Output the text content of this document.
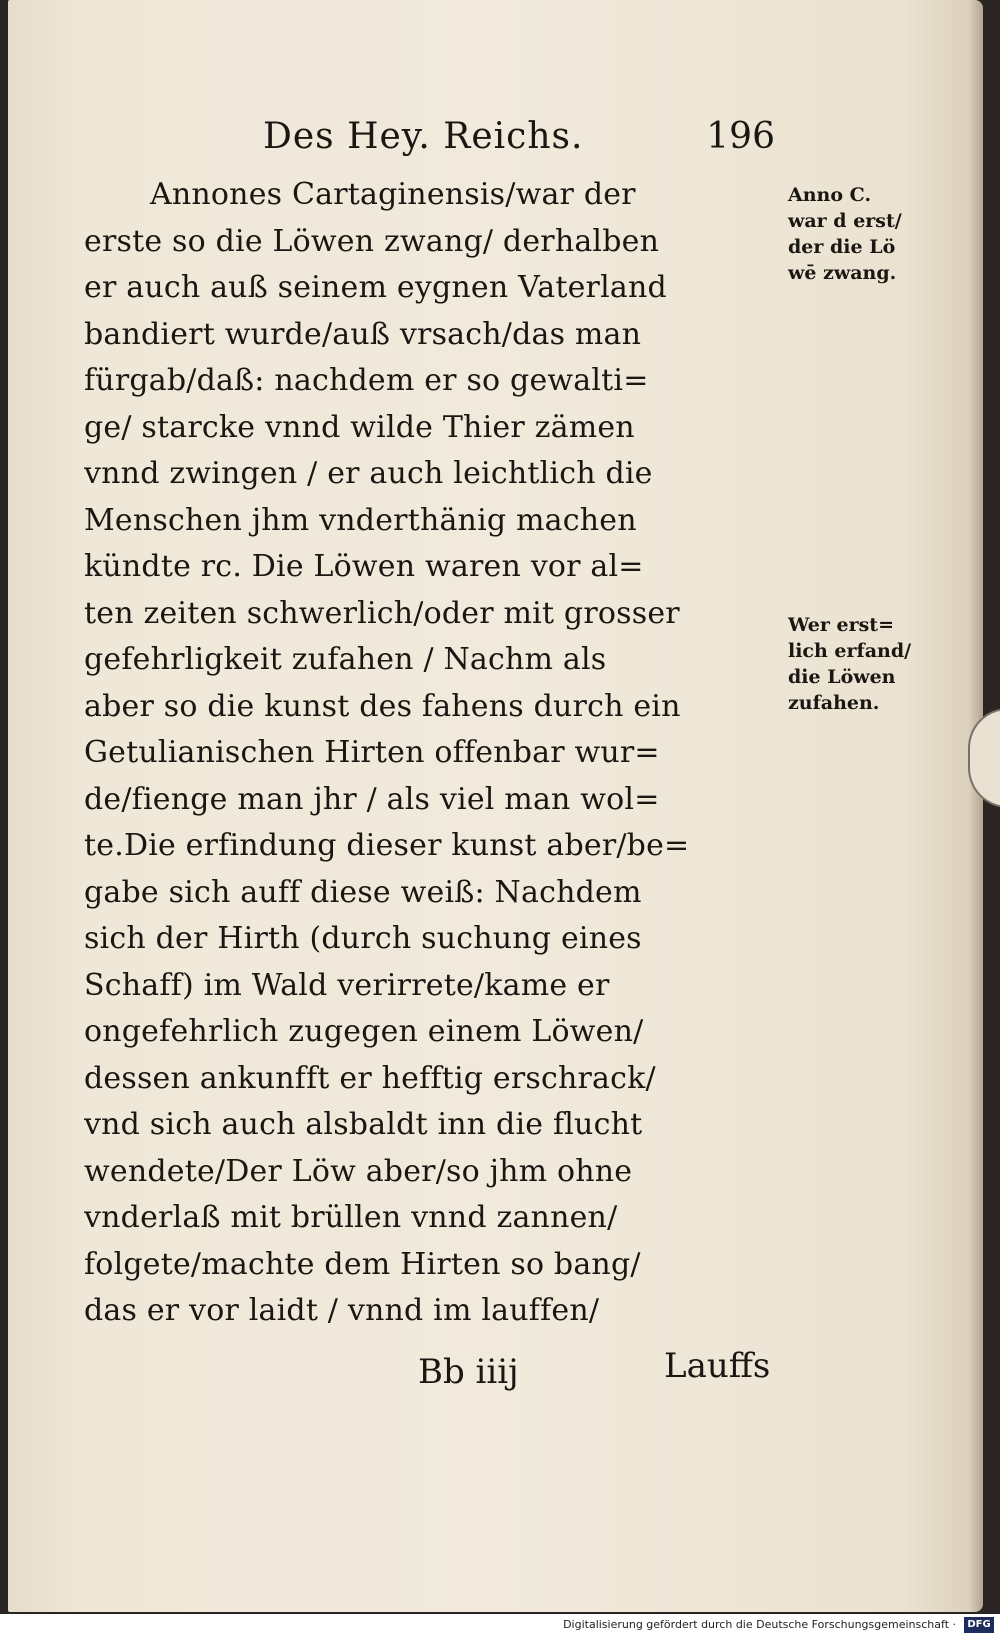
Des Hey. Reichs.	196
Annones Cartaginensis/war der
erste so die Löwen zwang/ derhalben
er auch auß seinem eygnen Vaterland
bandiert wurde/auß vrsach/das man
fürgab/daß: nachdem er so gewalti=
ge/ starcke vnnd wilde Thier zämen
vnnd zwingen / er auch leichtlich die
Menschen jhm vnderthänig machen
kündte rc. Die Löwen waren vor al=
ten zeiten schwerlich/oder mit grosser
gefehrligkeit zufahen / Nachm als
aber so die kunst des fahens durch ein
Getulianischen Hirten offenbar wur=
de/fienge man jhr / als viel man wol=
te.Die erfindung dieser kunst aber/be=
gabe sich auff diese weiß: Nachdem
sich der Hirth (durch suchung eines
Schaff) im Wald verirrete/kame er
ongefehrlich zugegen einem Löwen/
dessen ankunfft er hefftig erschrack/
vnd sich auch alsbaldt inn die flucht
wendete/Der Löw aber/so jhm ohne
vnderlaß mit brüllen vnnd zannen/
folgete/machte dem Hirten so bang/
das er vor laidt / vnnd im lauffen/
Anno C.
war d erst/
der die Lö
wē zwang.
Wer erst=
lich erfand/
die Löwen
zufahen.
Bb iiij	Lauffs
Digitalisierung gefördert durch die Deutsche Forschungsgemeinschaft ·	DFG
